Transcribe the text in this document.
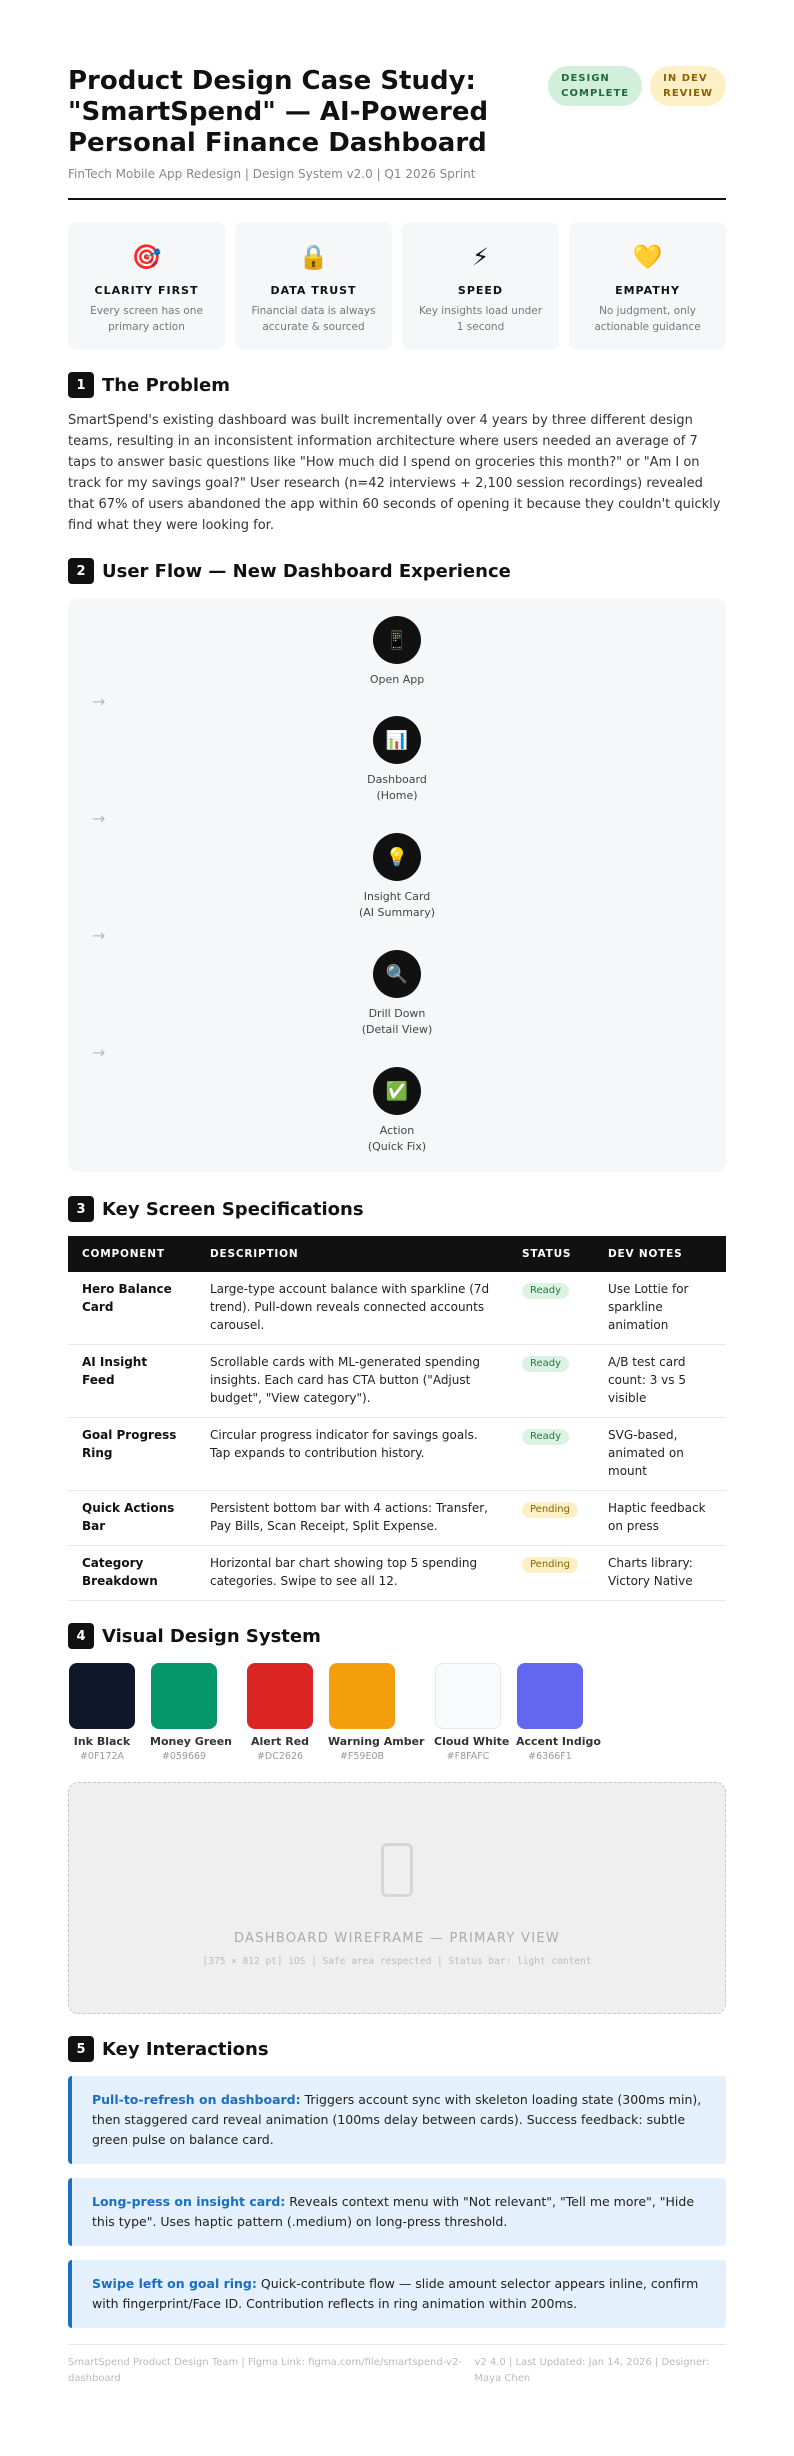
Product Design Case Study: "SmartSpend" — AI-Powered Personal Finance Dashboard
FinTech Mobile App Redesign | Design System v2.0 | Q1 2026 Sprint
DESIGN
COMPLETE
IN DEV
REVIEW
🎯
CLARITY FIRST
Every screen has one primary action
🔒
DATA TRUST
Financial data is always accurate & sourced
⚡
SPEED
Key insights load under 1 second
💛
EMPATHY
No judgment, only actionable guidance
1 The Problem

SmartSpend's existing dashboard was built incrementally over 4 years by three different design teams, resulting in an inconsistent information architecture where users needed an average of 7 taps to answer basic questions like "How much did I spend on groceries this month?" or "Am I on track for my savings goal?" User research (n=42 interviews + 2,100 session recordings) revealed that 67% of users abandoned the app within 60 seconds of opening it because they couldn't quickly find what they were looking for.

2 User Flow — New Dashboard Experience
📱
Open App
→
📊
Dashboard
(Home)
→
💡
Insight Card
(AI Summary)
→
🔍
Drill Down
(Detail View)
→
✅
Action
(Quick Fix)
3 Key Screen Specifications
COMPONENT	DESCRIPTION	STATUS	DEV NOTES
Hero Balance Card	Large-type account balance with sparkline (7d trend). Pull-down reveals connected accounts carousel.	Ready	Use Lottie for sparkline animation
AI Insight Feed	Scrollable cards with ML-generated spending insights. Each card has CTA button ("Adjust budget", "View category").	Ready	A/B test card count: 3 vs 5 visible
Goal Progress Ring	Circular progress indicator for savings goals. Tap expands to contribution history.	Ready	SVG-based, animated on mount
Quick Actions Bar	Persistent bottom bar with 4 actions: Transfer, Pay Bills, Scan Receipt, Split Expense.	Pending	Haptic feedback on press
Category Breakdown	Horizontal bar chart showing top 5 spending categories. Swipe to see all 12.	Pending	Charts library: Victory Native
4 Visual Design System
Ink Black
#0F172A
Money Green
#059669
Alert Red
#DC2626
Warning Amber
#F59E0B
Cloud White
#F8FAFC
Accent Indigo
#6366F1
DASHBOARD WIREFRAME — PRIMARY VIEW
[375 × 812 pt] iOS | Safe area respected | Status bar: light content
5 Key Interactions
Pull-to-refresh on dashboard: Triggers account sync with skeleton loading state (300ms min), then staggered card reveal animation (100ms delay between cards). Success feedback: subtle green pulse on balance card.
Long-press on insight card: Reveals context menu with "Not relevant", "Tell me more", "Hide this type". Uses haptic pattern (.medium) on long-press threshold.
Swipe left on goal ring: Quick-contribute flow — slide amount selector appears inline, confirm with fingerprint/Face ID. Contribution reflects in ring animation within 200ms.
SmartSpend Product Design Team | Figma Link: figma.com/file/smartspend-v2-dashboard
v2 4.0 | Last Updated: Jan 14, 2026 | Designer: Maya Chen
